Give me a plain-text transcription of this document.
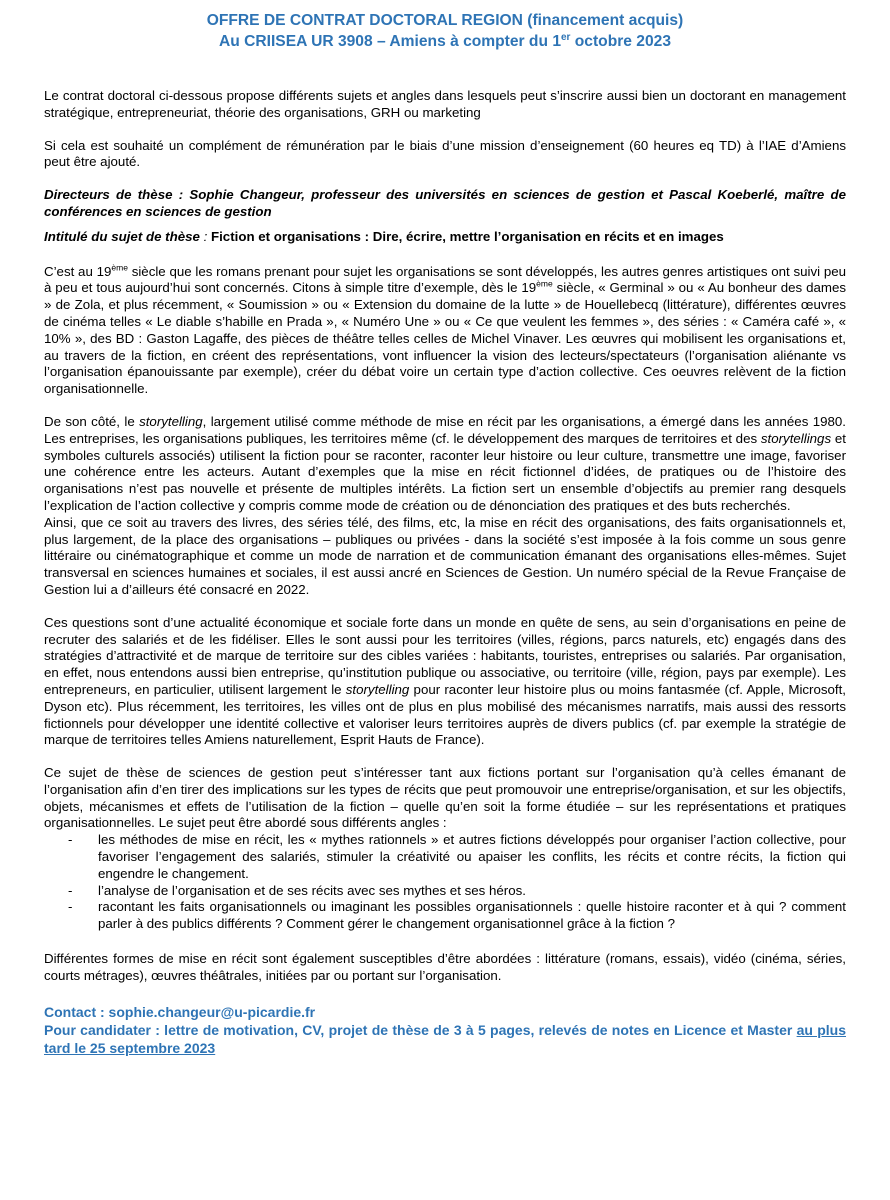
OFFRE DE CONTRAT DOCTORAL REGION (financement acquis)

Au CRIISEA UR 3908 – Amiens à compter du 1er octobre 2023

Le contrat doctoral ci-dessous propose différents sujets et angles dans lesquels peut s’inscrire aussi bien un doctorant en management stratégique, entrepreneuriat, théorie des organisations, GRH ou marketing

Si cela est souhaité un complément de rémunération par le biais d’une mission d’enseignement (60 heures eq TD) à l’IAE d’Amiens peut être ajouté.

Directeurs de thèse : Sophie Changeur, professeur des universités en sciences de gestion et Pascal Koeberlé, maître de conférences en sciences de gestion

Intitulé du sujet de thèse : Fiction et organisations : Dire, écrire, mettre l’organisation en récits et en images

C’est au 19ème siècle que les romans prenant pour sujet les organisations se sont développés, les autres genres artistiques ont suivi peu à peu et tous aujourd’hui sont concernés. Citons à simple titre d’exemple, dès le 19ème siècle, « Germinal » ou « Au bonheur des dames » de Zola, et plus récemment, « Soumission » ou « Extension du domaine de la lutte » de Houellebecq (littérature), différentes œuvres de cinéma telles « Le diable s’habille en Prada », « Numéro Une » ou « Ce que veulent les femmes », des séries : « Caméra café », « 10% », des BD : Gaston Lagaffe, des pièces de théâtre telles celles de Michel Vinaver. Les œuvres qui mobilisent les organisations et, au travers de la fiction, en créent des représentations, vont influencer la vision des lecteurs/spectateurs (l’organisation aliénante vs l’organisation épanouissante par exemple), créer du débat voire un certain type d’action collective. Ces oeuvres relèvent de la fiction organisationnelle.

De son côté, le storytelling, largement utilisé comme méthode de mise en récit par les organisations, a émergé dans les années 1980. Les entreprises, les organisations publiques, les territoires même (cf. le développement des marques de territoires et des storytellings et symboles culturels associés) utilisent la fiction pour se raconter, raconter leur histoire ou leur culture, transmettre une image, favoriser une cohérence entre les acteurs. Autant d’exemples que la mise en récit fictionnel d’idées, de pratiques ou de l’histoire des organisations n’est pas nouvelle et présente de multiples intérêts. La fiction sert un ensemble d’objectifs au premier rang desquels l’explication de l’action collective y compris comme mode de création ou de dénonciation des pratiques et des buts recherchés.

Ainsi, que ce soit au travers des livres, des séries télé, des films, etc, la mise en récit des organisations, des faits organisationnels et, plus largement, de la place des organisations – publiques ou privées - dans la société s’est imposée à la fois comme un sous genre littéraire ou cinématographique et comme un mode de narration et de communication émanant des organisations elles-mêmes. Sujet transversal en sciences humaines et sociales, il est aussi ancré en Sciences de Gestion. Un numéro spécial de la Revue Française de Gestion lui a d’ailleurs été consacré en 2022.

Ces questions sont d’une actualité économique et sociale forte dans un monde en quête de sens, au sein d’organisations en peine de recruter des salariés et de les fidéliser. Elles le sont aussi pour les territoires (villes, régions, parcs naturels, etc) engagés dans des stratégies d’attractivité et de marque de territoire sur des cibles variées : habitants, touristes, entreprises ou salariés. Par organisation, en effet, nous entendons aussi bien entreprise, qu’institution publique ou associative, ou territoire (ville, région, pays par exemple). Les entrepreneurs, en particulier, utilisent largement le storytelling pour raconter leur histoire plus ou moins fantasmée (cf. Apple, Microsoft, Dyson etc). Plus récemment, les territoires, les villes ont de plus en plus mobilisé des mécanismes narratifs, mais aussi des ressorts fictionnels pour développer une identité collective et valoriser leurs territoires auprès de divers publics (cf. par exemple la stratégie de marque de territoires telles Amiens naturellement, Esprit Hauts de France).

Ce sujet de thèse de sciences de gestion peut s’intéresser tant aux fictions portant sur l’organisation qu’à celles émanant de l’organisation afin d’en tirer des implications sur les types de récits que peut promouvoir une entreprise/organisation, et sur les objectifs, objets, mécanismes et effets de l’utilisation de la fiction – quelle qu’en soit la forme étudiée – sur les représentations et pratiques organisationnelles. Le sujet peut être abordé sous différents angles :

- les méthodes de mise en récit, les « mythes rationnels » et autres fictions développés pour organiser l’action collective, pour favoriser l’engagement des salariés, stimuler la créativité ou apaiser les conflits, les récits et contre récits, la fiction qui engendre le changement.
- l’analyse de l’organisation et de ses récits avec ses mythes et ses héros.
- racontant les faits organisationnels ou imaginant les possibles organisationnels : quelle histoire raconter et à qui ? comment parler à des publics différents ? Comment gérer le changement organisationnel grâce à la fiction ?

Différentes formes de mise en récit sont également susceptibles d’être abordées : littérature (romans, essais), vidéo (cinéma, séries, courts métrages), œuvres théâtrales, initiées par ou portant sur l’organisation.

Contact : sophie.changeur@u-picardie.fr

Pour candidater : lettre de motivation, CV, projet de thèse de 3 à 5 pages, relevés de notes en Licence et Master au plus tard le 25 septembre 2023
